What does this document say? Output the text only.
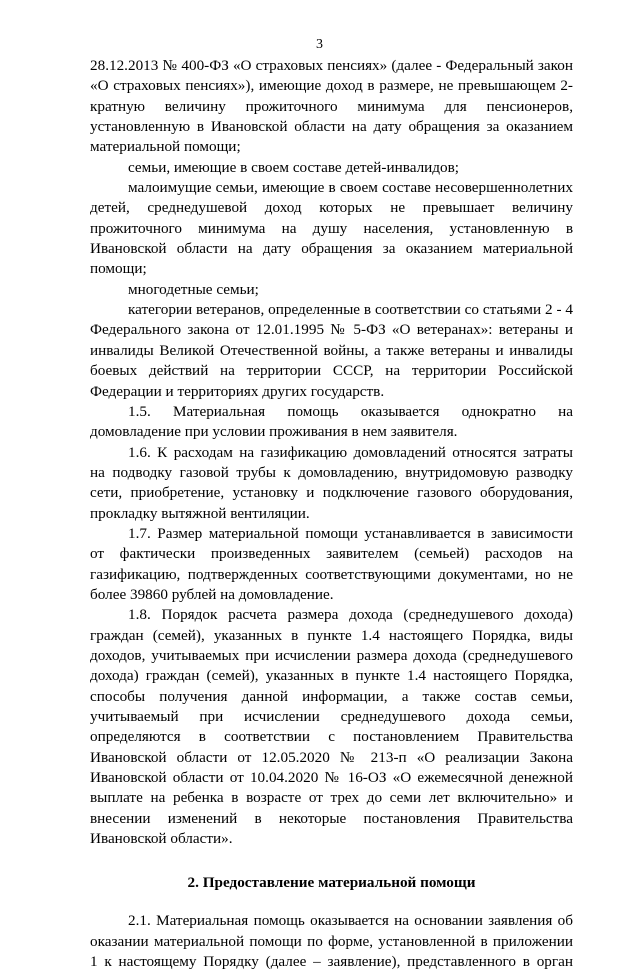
3

28.12.2013 № 400-ФЗ «О страховых пенсиях» (далее - Федеральный закон «О страховых пенсиях»), имеющие доход в размере, не превышающем 2-кратную величину прожиточного минимума для пенсионеров, установленную в Ивановской области на дату обращения за оказанием материальной помощи;

семьи, имеющие в своем составе детей-инвалидов;

малоимущие семьи, имеющие в своем составе несовершеннолетних детей, среднедушевой доход которых не превышает величину прожиточного минимума на душу населения, установленную в Ивановской области на дату обращения за оказанием материальной помощи;

многодетные семьи;

категории ветеранов, определенные в соответствии со статьями 2 - 4 Федерального закона от 12.01.1995 № 5-ФЗ «О ветеранах»: ветераны и инвалиды Великой Отечественной войны, а также ветераны и инвалиды боевых действий на территории СССР, на территории Российской Федерации и территориях других государств.

1.5. Материальная помощь оказывается однократно на домовладение при условии проживания в нем заявителя.

1.6. К расходам на газификацию домовладений относятся затраты на подводку газовой трубы к домовладению, внутридомовую разводку сети, приобретение, установку и подключение газового оборудования, прокладку вытяжной вентиляции.

1.7. Размер материальной помощи устанавливается в зависимости от фактически произведенных заявителем (семьей) расходов на газификацию, подтвержденных соответствующими документами, но не более 39860 рублей на домовладение.

1.8. Порядок расчета размера дохода (среднедушевого дохода) граждан (семей), указанных в пункте 1.4 настоящего Порядка, виды доходов, учитываемых при исчислении размера дохода (среднедушевого дохода) граждан (семей), указанных в пункте 1.4 настоящего Порядка, способы получения данной информации, а также состав семьи, учитываемый при исчислении среднедушевого дохода семьи, определяются в соответствии с постановлением Правительства Ивановской области от 12.05.2020 № 213-п «О реализации Закона Ивановской области от 10.04.2020 № 16-ОЗ «О ежемесячной денежной выплате на ребенка в возрасте от трех до семи лет включительно» и внесении изменений в некоторые постановления Правительства Ивановской области».

2. Предоставление материальной помощи

2.1. Материальная помощь оказывается на основании заявления об оказании материальной помощи по форме, установленной в приложении 1 к настоящему Порядку (далее – заявление), представленного в орган
